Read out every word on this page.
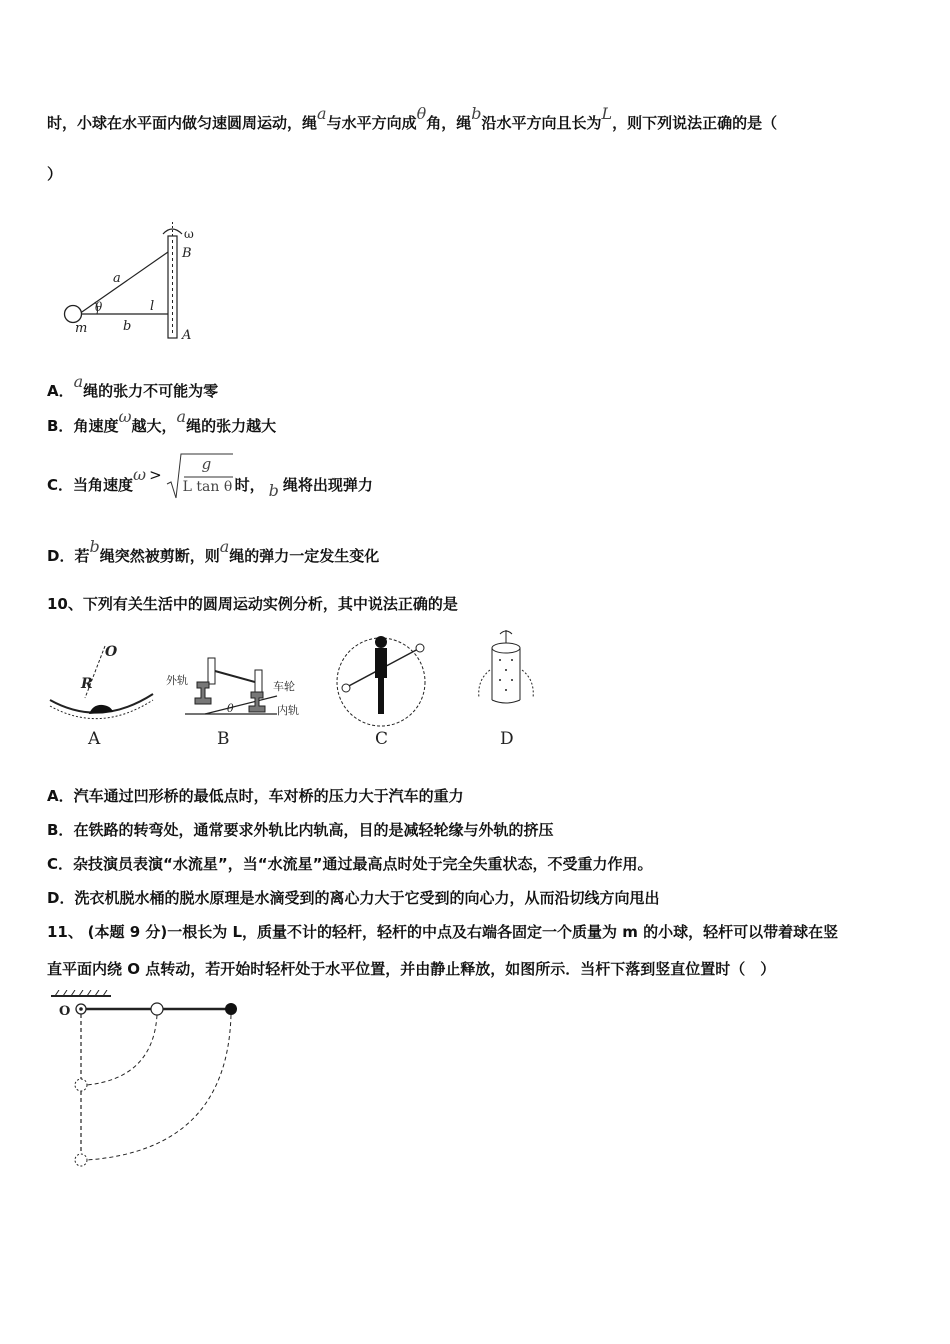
时，小球在水平面内做匀速圆周运动，绳a与水平方向成θ角，绳b沿水平方向且长为L，则下列说法正确的是（
）
ω
B
A
a
θ	l
m	b
A．a绳的张力不可能为零
B．角速度ω越大，a绳的张力越大
C．当角速度ω >
g
L tan θ 时， b 绳将出现弹力
D．若b绳突然被剪断，则a绳的弹力一定发生变化
10、下列有关生活中的圆周运动实例分析，其中说法正确的是
O
R
A
外轨	车轮
内轨
θ
B	C	D
A．汽车通过凹形桥的最低点时，车对桥的压力大于汽车的重力
B．在铁路的转弯处，通常要求外轨比内轨高，目的是减轻轮缘与外轨的挤压
C．杂技演员表演“水流星”，当“水流星”通过最高点时处于完全失重状态，不受重力作用。
D．洗衣机脱水桶的脱水原理是水滴受到的离心力大于它受到的向心力，从而沿切线方向甩出
11、 (本题 9 分)一根长为 L，质量不计的轻杆，轻杆的中点及右端各固定一个质量为 m 的小球，轻杆可以带着球在竖
直平面内绕 O 点转动，若开始时轻杆处于水平位置，并由静止释放，如图所示．当杆下落到竖直位置时（　）
O
